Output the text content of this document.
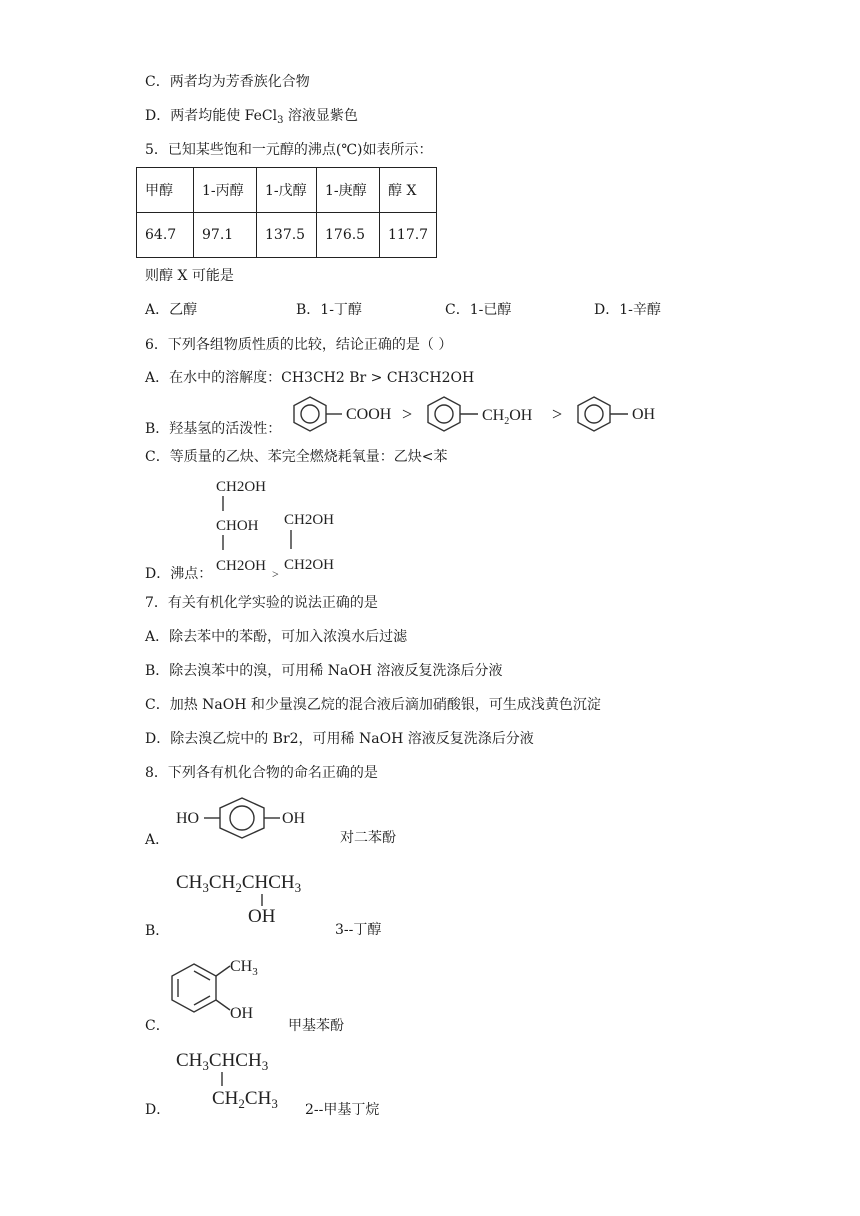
C．两者均为芳香族化合物
D．两者均能使 FeCl$_3$ 溶液显紫色
5．已知某些饱和一元醇的沸点(℃)如表所示：
甲醇	1-丙醇	1-戊醇	1-庚醇	醇 X
64.7	97.1	137.5	176.5	117.7
则醇 X 可能是
A．乙醇	B．1-丁醇	C．1-已醇	D．1-辛醇
6．下列各组物质性质的比较，结论正确的是（ ）
A．在水中的溶解度：CH3CH2 Br > CH3CH2OH
B．羟基氢的活泼性：
COOH >	$CH_2OH$ >	OH
C．等质量的乙炔、苯完全燃烧耗氧量：乙炔<苯
D．沸点：
CH2OH
CHOH
CH2OH >
CH2OH
CH2OH
7．有关有机化学实验的说法正确的是
A．除去苯中的苯酚，可加入浓溴水后过滤
B．除去溴苯中的溴，可用稀 NaOH 溶液反复洗涤后分液
C．加热 NaOH 和少量溴乙烷的混合液后滴加硝酸银，可生成浅黄色沉淀
D．除去溴乙烷中的 Br2，可用稀 NaOH 溶液反复洗涤后分液
8．下列各有机化合物的命名正确的是
A．
HO	OH
对二苯酚
B．
$CH_3CH_2CHCH_3$
OH
3--丁醇
C．
$CH_3$
OH
甲基苯酚
D．
$CH_3CHCH_3$
$CH_2CH_3$ 2--甲基丁烷
